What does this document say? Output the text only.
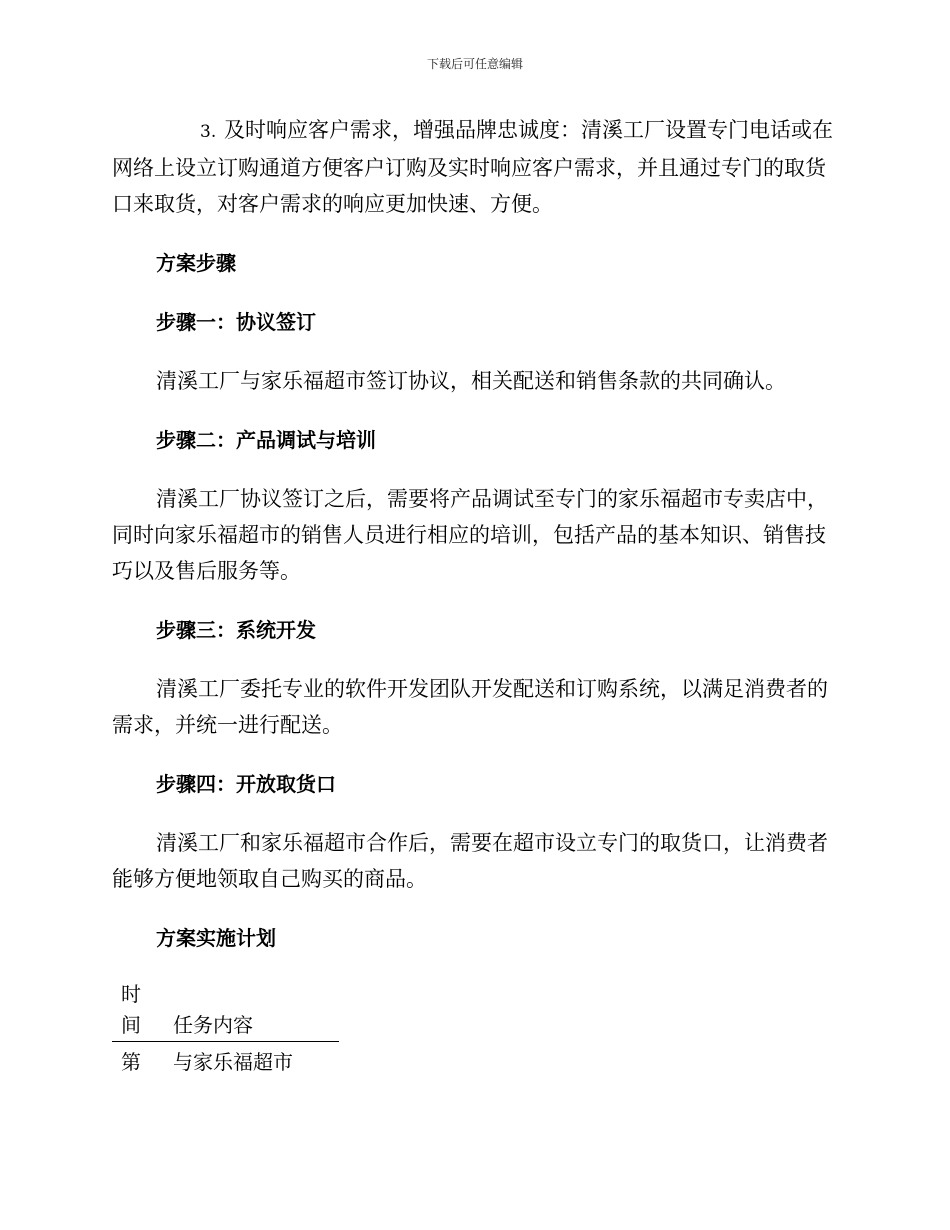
下载后可任意编辑

3. 及时响应客户需求，增强品牌忠诚度：清溪工厂设置专门电话或在网络上设立订购通道方便客户订购及实时响应客户需求，并且通过专门的取货口来取货，对客户需求的响应更加快速、方便。

方案步骤
步骤一：协议签订

清溪工厂与家乐福超市签订协议，相关配送和销售条款的共同确认。

步骤二：产品调试与培训

清溪工厂协议签订之后，需要将产品调试至专门的家乐福超市专卖店中，同时向家乐福超市的销售人员进行相应的培训，包括产品的基本知识、销售技巧以及售后服务等。

步骤三：系统开发

清溪工厂委托专业的软件开发团队开发配送和订购系统，以满足消费者的需求，并统一进行配送。

步骤四：开放取货口

清溪工厂和家乐福超市合作后，需要在超市设立专门的取货口，让消费者能够方便地领取自己购买的商品。

方案实施计划
时
间	任务内容
第	与家乐福超市
